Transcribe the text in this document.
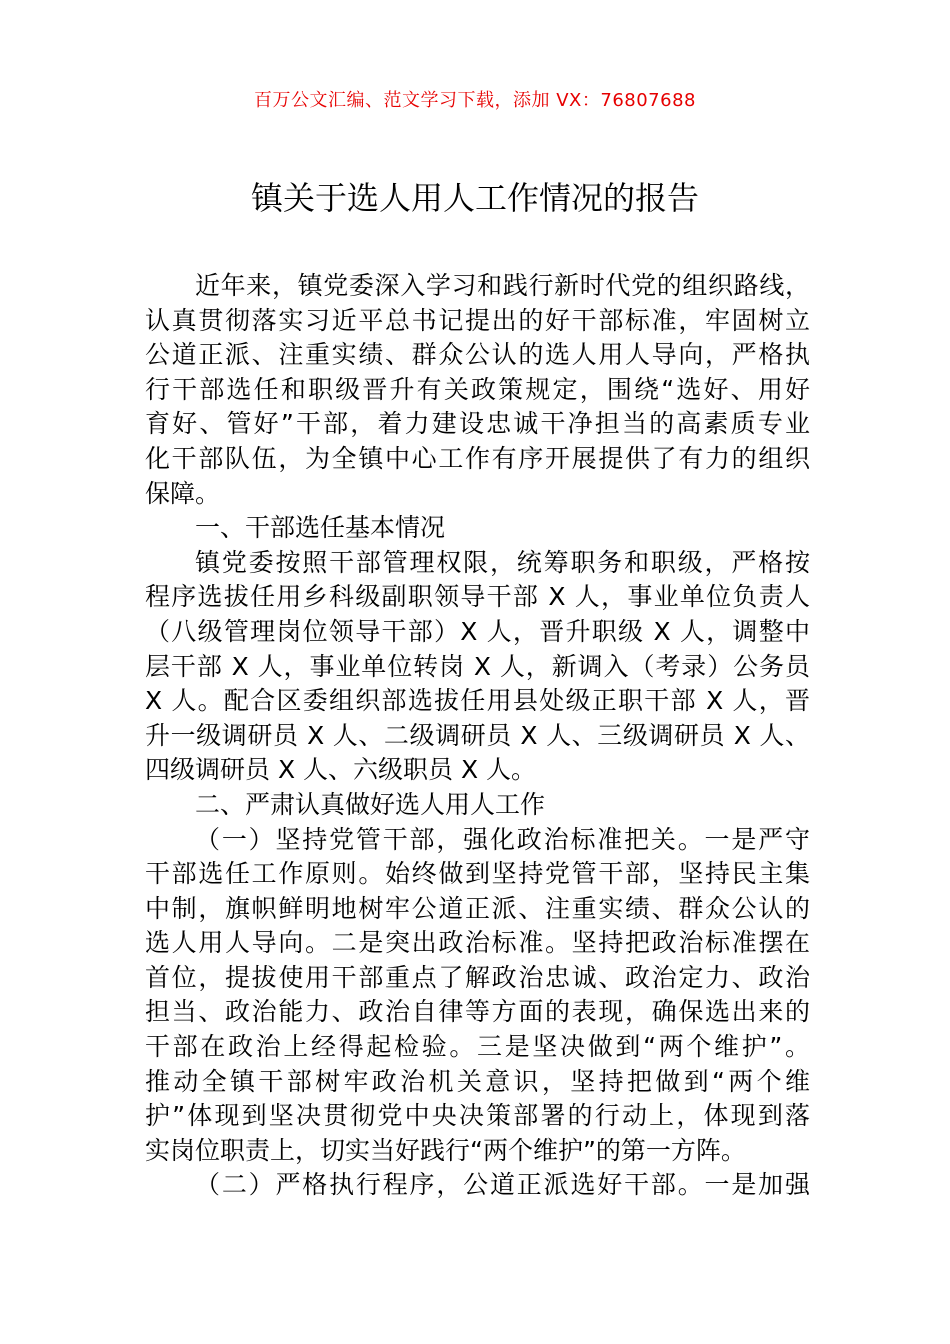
百万公文汇编、范文学习下载，添加 VX：76807688
镇关于选人用人工作情况的报告
近年来，镇党委深入学习和践行新时代党的组织路线，
认真贯彻落实习近平总书记提出的好干部标准，牢固树立
公道正派、注重实绩、群众公认的选人用人导向，严格执
行干部选任和职级晋升有关政策规定，围绕“选好、用好
育好、管好”干部，着力建设忠诚干净担当的高素质专业
化干部队伍，为全镇中心工作有序开展提供了有力的组织
保障。
一、干部选任基本情况
镇党委按照干部管理权限，统筹职务和职级，严格按
程序选拔任用乡科级副职领导干部 X 人，事业单位负责人
（八级管理岗位领导干部）X 人，晋升职级 X 人，调整中
层干部 X 人，事业单位转岗 X 人，新调入（考录）公务员
X 人。配合区委组织部选拔任用县处级正职干部 X 人，晋
升一级调研员 X 人、二级调研员 X 人、三级调研员 X 人、
四级调研员 X 人、六级职员 X 人。
二、严肃认真做好选人用人工作
（一）坚持党管干部，强化政治标准把关。一是严守
干部选任工作原则。始终做到坚持党管干部，坚持民主集
中制，旗帜鲜明地树牢公道正派、注重实绩、群众公认的
选人用人导向。二是突出政治标准。坚持把政治标准摆在
首位，提拔使用干部重点了解政治忠诚、政治定力、政治
担当、政治能力、政治自律等方面的表现，确保选出来的
干部在政治上经得起检验。三是坚决做到“两个维护”。
推动全镇干部树牢政治机关意识，坚持把做到“两个维
护”体现到坚决贯彻党中央决策部署的行动上，体现到落
实岗位职责上，切实当好践行“两个维护”的第一方阵。
（二）严格执行程序，公道正派选好干部。一是加强
